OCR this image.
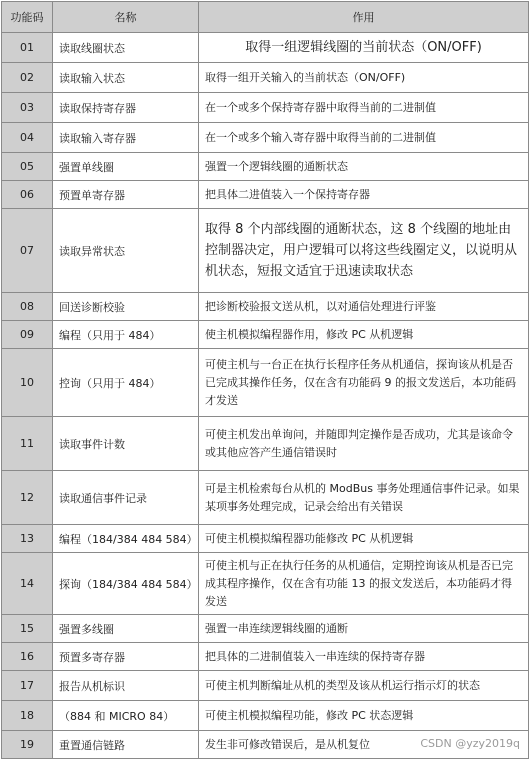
功能码	名称	作用
01	读取线圈状态	取得一组逻辑线圈的当前状态（ON/OFF)
02	读取输入状态	取得一组开关输入的当前状态（ON/OFF)
03	读取保持寄存器	在一个或多个保持寄存器中取得当前的二进制值
04	读取输入寄存器	在一个或多个输入寄存器中取得当前的二进制值
05	强置单线圈	强置一个逻辑线圈的通断状态
06	预置单寄存器	把具体二进值装入一个保持寄存器
07	读取异常状态	取得 8 个内部线圈的通断状态，这 8 个线圈的地址由控制器决定，用户逻辑可以将这些线圈定义，以说明从机状态，短报文适宜于迅速读取状态
08	回送诊断校验	把诊断校验报文送从机，以对通信处理进行评鉴
09	编程（只用于 484）	使主机模拟编程器作用，修改 PC 从机逻辑
10	控询（只用于 484）	可使主机与一台正在执行长程序任务从机通信，探询该从机是否已完成其操作任务，仅在含有功能码 9 的报文发送后，本功能码才发送
11	读取事件计数	可使主机发出单询问，并随即判定操作是否成功，尤其是该命令或其他应答产生通信错误时
12	读取通信事件记录	可是主机检索每台从机的 ModBus 事务处理通信事件记录。如果某项事务处理完成，记录会给出有关错误
13	编程（184/384 484 584）	可使主机模拟编程器功能修改 PC 从机逻辑
14	探询（184/384 484 584）	可使主机与正在执行任务的从机通信，定期控询该从机是否已完成其程序操作，仅在含有功能 13 的报文发送后，本功能码才得发送
15	强置多线圈	强置一串连续逻辑线圈的通断
16	预置多寄存器	把具体的二进制值装入一串连续的保持寄存器
17	报告从机标识	可使主机判断编址从机的类型及该从机运行指示灯的状态
18	（884 和 MICRO 84）	可使主机模拟编程功能，修改 PC 状态逻辑
19	重置通信链路	发生非可修改错误后，是从机复位	CSDN @yzy2019q
